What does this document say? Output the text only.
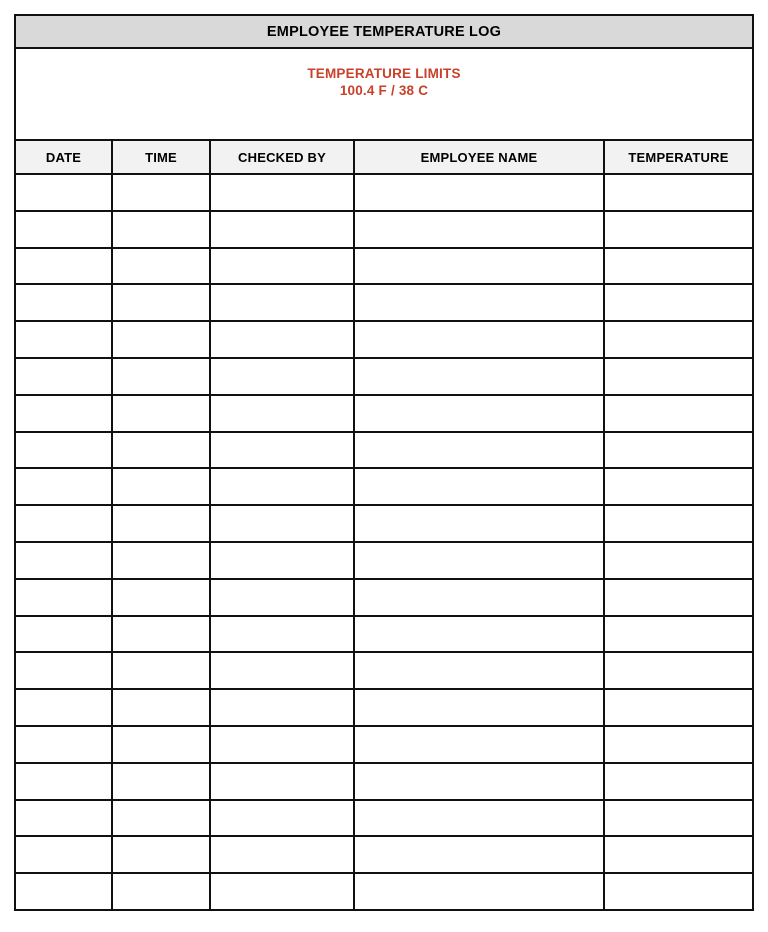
EMPLOYEE TEMPERATURE LOG
TEMPERATURE LIMITS
100.4 F / 38 C
DATE	TIME	CHECKED BY	EMPLOYEE NAME	TEMPERATURE
